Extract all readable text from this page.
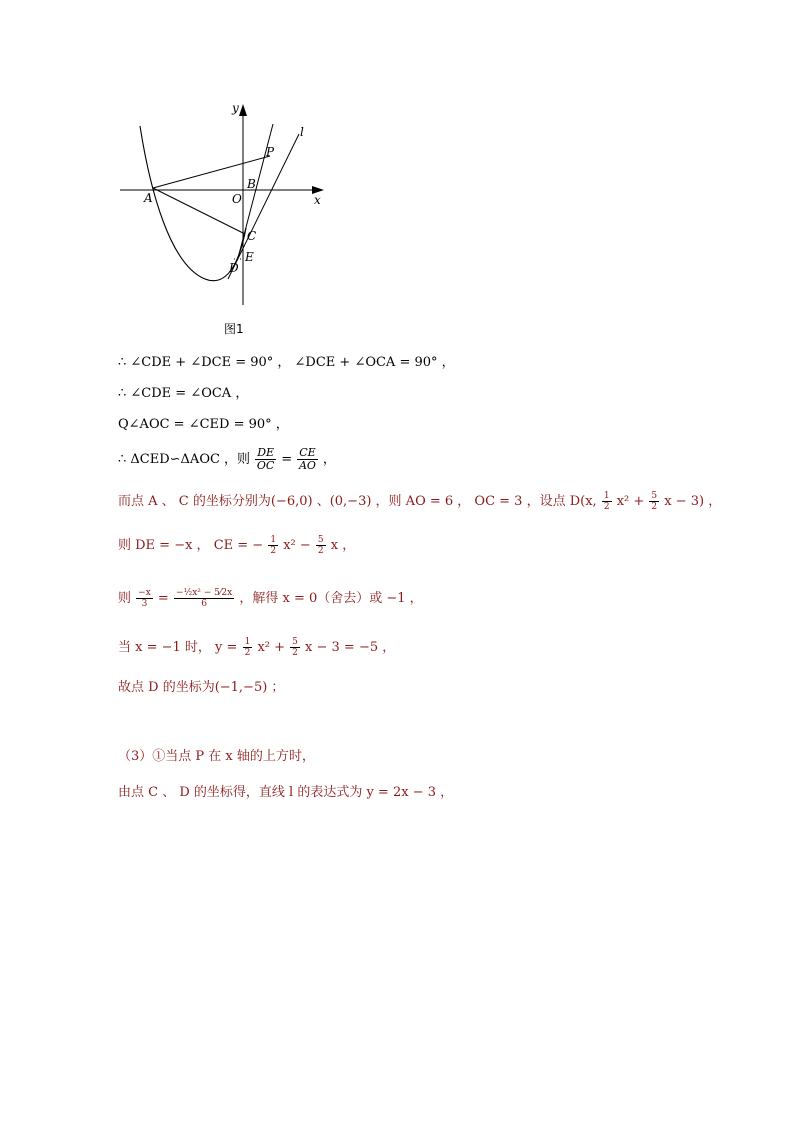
y
x
l
P
B
A	O
C
E
D
图1
∴ ∠CDE + ∠DCE = 90° ， ∠DCE + ∠OCA = 90° ，
∴ ∠CDE = ∠OCA ，
Q∠AOC = ∠CED = 90° ，
∴ ΔCED∽ΔAOC ，则 $\frac{DE}{OC} = \frac{CE}{AO}$ ，
而点 A 、 C 的坐标分别为(−6,0) 、(0,−3) ，则 AO = 6 ， OC = 3 ，设点 D(x, $\frac{1}{2} x^2 + \frac{5}{2}$ x − 3) ，
则 DE = −x ， CE = − $\frac{1}{2} x^2 - \frac{5}{2}$ x ，
则 $\frac{-x}{3} = \frac{\text{−½x² − 5⁄2x}}{6}$ ，解得 x = 0（舍去）或 −1 ，
当 x = −1 时， $y = \frac{1}{2} x^2 + \frac{5}{2}$ x − 3 = −5 ，
故点 D 的坐标为(−1,−5) ；
（3）①当点 P 在 x 轴的上方时，
由点 C 、 D 的坐标得，直线 l 的表达式为 y = 2x − 3 ，
